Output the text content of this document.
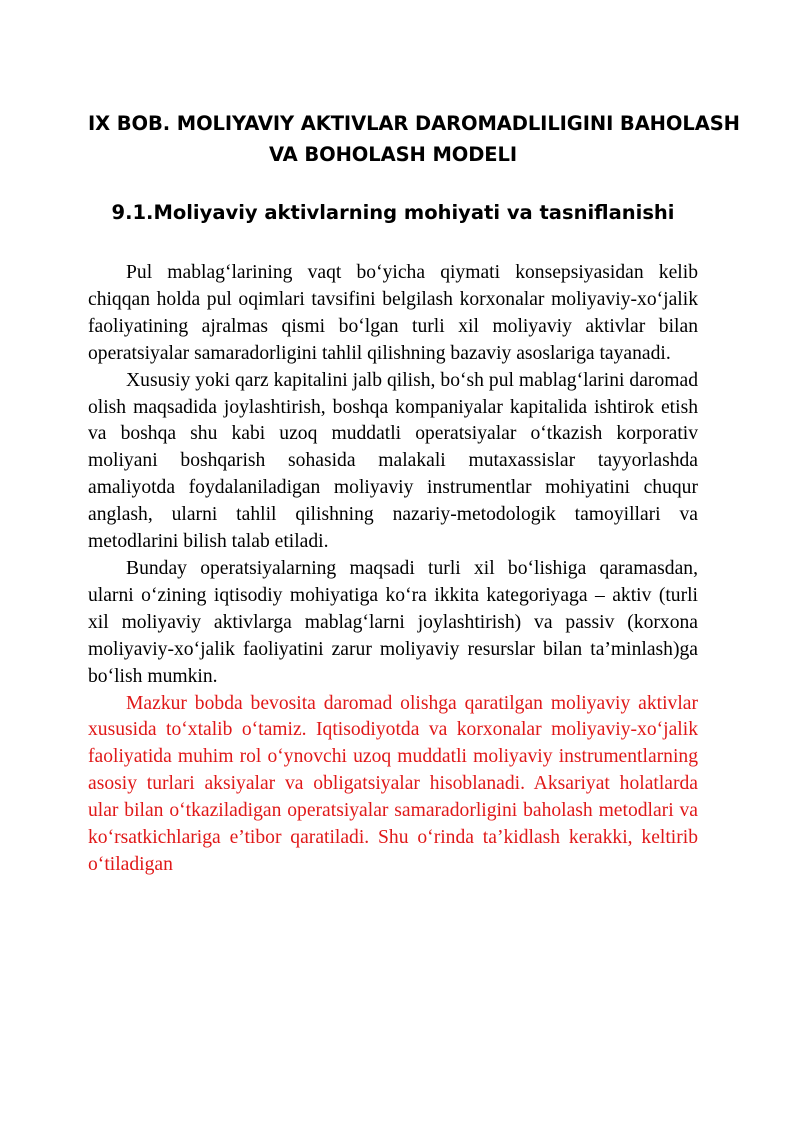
IX BOB. MOLIYAVIY AKTIVLAR DAROMADLILIGINI BAHOLASH
VA BOHOLASH MODELI
9.1.Moliyaviy aktivlarning mohiyati va tasniflanishi

Pul mablag‘larining vaqt bo‘yicha qiymati konsepsiyasidan kelib chiqqan holda pul oqimlari tavsifini belgilash korxonalar moliyaviy-xo‘jalik faoliyatining ajralmas qismi bo‘lgan turli xil moliyaviy aktivlar bilan operatsiyalar samaradorligini tahlil qilishning bazaviy asoslariga tayanadi.

Xususiy yoki qarz kapitalini jalb qilish, bo‘sh pul mablag‘larini daromad olish maqsadida joylashtirish, boshqa kompaniyalar kapitalida ishtirok etish va boshqa shu kabi uzoq muddatli operatsiyalar o‘tkazish korporativ moliyani boshqarish sohasida malakali mutaxassislar tayyorlashda amaliyotda foydalaniladigan moliyaviy instrumentlar mohiyatini chuqur anglash, ularni tahlil qilishning nazariy-metodologik tamoyillari va metodlarini bilish talab etiladi.

Bunday operatsiyalarning maqsadi turli xil bo‘lishiga qaramasdan, ularni o‘zining iqtisodiy mohiyatiga ko‘ra ikkita kategoriyaga – aktiv (turli xil moliyaviy aktivlarga mablag‘larni joylashtirish) va passiv (korxona moliyaviy-xo‘jalik faoliyatini zarur moliyaviy resurslar bilan ta’minlash)ga bo‘lish mumkin.

Mazkur bobda bevosita daromad olishga qaratilgan moliyaviy aktivlar xususida to‘xtalib o‘tamiz. Iqtisodiyotda va korxonalar moliyaviy-xo‘jalik faoliyatida muhim rol o‘ynovchi uzoq muddatli moliyaviy instrumentlarning asosiy turlari aksiyalar va obligatsiyalar hisoblanadi. Aksariyat holatlarda ular bilan o‘tkaziladigan operatsiyalar samaradorligini baholash metodlari va ko‘rsatkichlariga e’tibor qaratiladi. Shu o‘rinda ta’kidlash kerakki, keltirib o‘tiladigan
